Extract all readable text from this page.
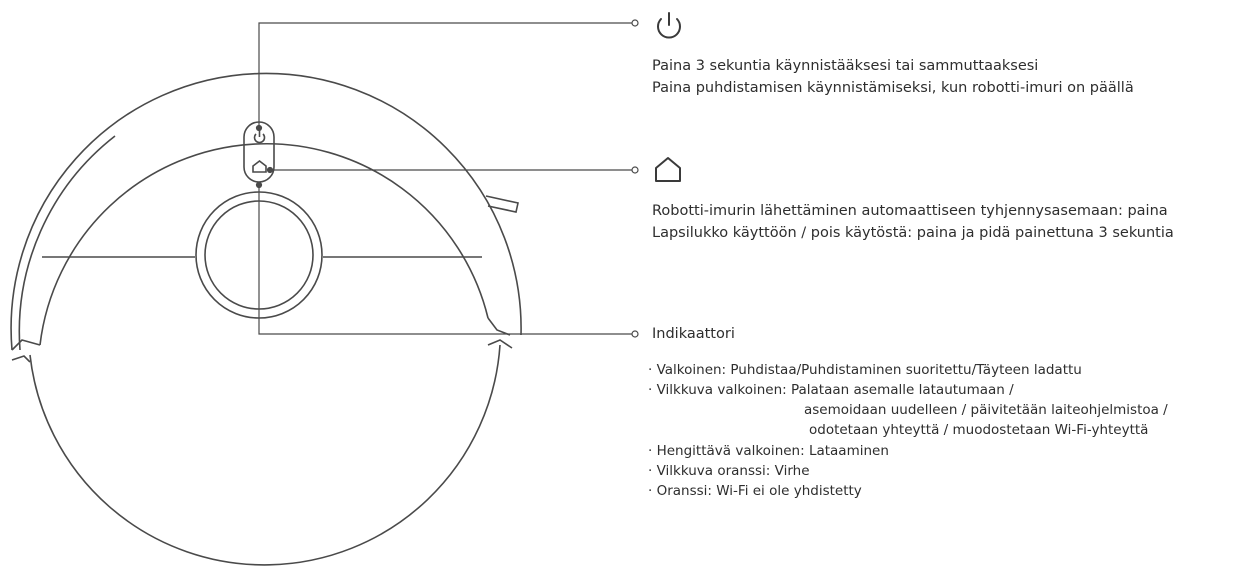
Paina 3 sekuntia käynnistääksesi tai sammuttaaksesi
Paina puhdistamisen käynnistämiseksi, kun robotti-imuri on päällä
Robotti-imurin lähettäminen automaattiseen tyhjennysasemaan: paina
Lapsilukko käyttöön / pois käytöstä: paina ja pidä painettuna 3 sekuntia
Indikaattori
· Valkoinen: Puhdistaa/Puhdistaminen suoritettu/Täyteen ladattu
· Vilkkuva valkoinen: Palataan asemalle latautumaan /
asemoidaan uudelleen / päivitetään laiteohjelmistoa /
odotetaan yhteyttä / muodostetaan Wi-Fi-yhteyttä
· Hengittävä valkoinen: Lataaminen
· Vilkkuva oranssi: Virhe
· Oranssi: Wi-Fi ei ole yhdistetty
